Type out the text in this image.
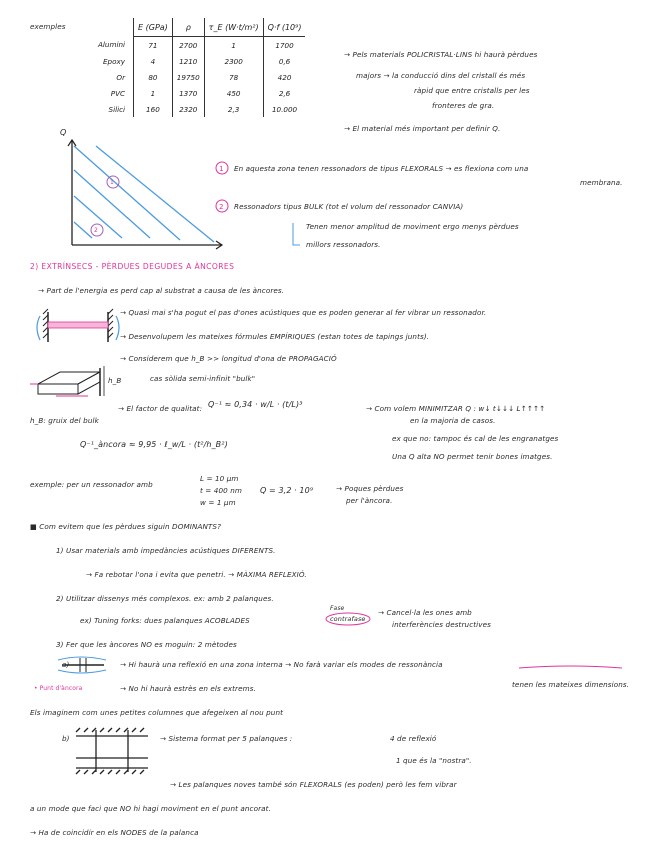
exemples
		E (GPa)	ρ	τ_E (W·t/m²)	Q·f (10⁹)
Alumini	71	2700	1	1700
Epoxy	4	1210	2300	0,6
Or	80	19750	78	420
PVC	1	1370	450	2,6
Silici	160	2320	2,3	10.000
→ Pels materials POLICRISTAL·LINS hi haurà pèrdues
majors → la conducció dins del cristall és més
ràpid que entre cristalls per les
fronteres de gra.
→ El material més important per definir Q.
Q
1
2
1 En aquesta zona tenen ressonadors de tipus FLEXORALS → es flexiona com una
membrana.
2 Ressonadors tipus BULK (tot el volum del ressonador CANVIA)
Tenen menor amplitud de moviment ergo menys pèrdues
millors ressonadors.
2) EXTRÍNSECS - PÈRDUES DEGUDES A ÀNCORES
→ Part de l'energia es perd cap al substrat a causa de les àncores.
→ Quasi mai s'ha pogut el pas d'ones acústiques que es poden generar al fer vibrar un ressonador.
→ Desenvolupem les mateixes fórmules EMPÍRIQUES (estan totes de tapings junts).
→ Considerem que h_B >> longitud d'ona de PROPAGACIÓ
cas sòlida semi-infinit "bulk"
h_B
→ El factor de qualitat: Q⁻¹ ≈ 0,34 · w/L · (t/L)³	→ Com volem MINIMITZAR Q : w↓ t↓↓↓ L↑↑↑↑
en la majoria de casos.
h_B: gruix del bulk
Q⁻¹_àncora ≈ 9,95 · ℓ_w/L · (t²/h_B²)
ex que no: tampoc és cal de les engranatges
Una Q alta NO permet tenir bones imatges.
exemple: per un ressonador amb
L = 10 µm
t = 400 nm
w = 1 µm
Q = 3,2 · 10⁹	→ Poques pèrdues
per l'àncora.
■ Com evitem que les pèrdues siguin DOMINANTS?
1) Usar materials amb impedàncies acústiques DIFERENTS.
→ Fa rebotar l'ona i evita que penetri. → MÀXIMA REFLEXIÓ.
2) Utilitzar dissenys més complexos. ex: amb 2 palanques.
ex) Tuning forks: dues palanques ACOBLADES
Fase
contrafase
→ Cancel·la les ones amb
interferències destructives
3) Fer que les àncores NO es moguin: 2 mètodes
a)	→ Hi haurà una reflexió en una zona interna → No farà variar els modes de ressonància
→ No hi haurà estrès en els extrems.	tenen les mateixes dimensions.
• Punt d'àncora
Els imaginem com unes petites columnes que afegeixen al nou punt
b)	→ Sistema format per 5 palanques :	4 de reflexió
1 que és la "nostra".
→ Les palanques noves també són FLEXORALS (es poden) però les fem vibrar
a un mode que faci que NO hi hagi moviment en el punt ancorat.
→ Ha de coincidir en els NODES de la palanca
